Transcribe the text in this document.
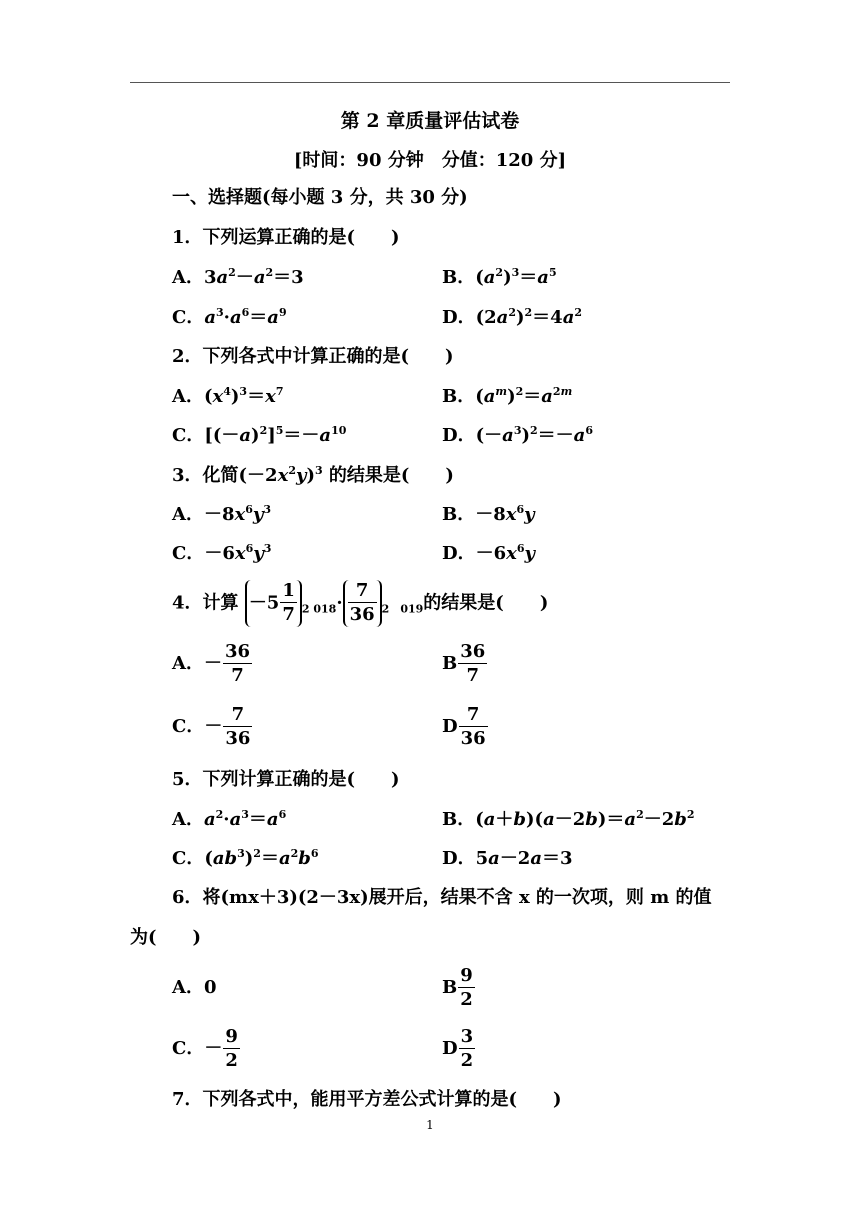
第 2 章质量评估试卷
[时间：90 分钟　分值：120 分]
一、选择题(每小题 3 分，共 30 分)
1．下列运算正确的是(　　)
A．$3a^2-a^2=3$	B．$(a^2)^3=a^5$
C．$a^3\cdot a^6=a^9$	D．$(2a^2)^2=4a^2$
2．下列各式中计算正确的是(　　)
A．$(x^4)^3=x^7$	B．$(a^m)^2=a^{2m}$
C．$[(-a)^2]^5=-a^{10}$	D．$(-a^3)^2=-a^6$
3．化简$(-2x^2y)^3$ 的结果是(　　)
A．$-8x^6y^3$	B．$-8x^6y$
C．$-6x^6y^3$	D．$-6x^6y$
4．计算 $-5 \frac{1}{7} _{2 018}\cdot \frac{7}{36} _{2 019}$的结果是(　　)
A．－ $\frac{36}{7}$	B $\frac{36}{7}$
C．－ $\frac{7}{36}$	D $\frac{7}{36}$
5．下列计算正确的是(　　)
A．$a^2\cdot a^3=a^6$	B．$(a+b)(a-2b)=a^2-2b^2$
C．$(ab^3)^2=a^2b^6$	D．5a－2a＝3
6．将(mx＋3)(2－3x)展开后，结果不含 x 的一次项，则 m 的值
为(　　)
A．0	B $\frac{9}{2}$
C．－ $\frac{9}{2}$	D $\frac{3}{2}$
7．下列各式中，能用平方差公式计算的是(　　)
1
